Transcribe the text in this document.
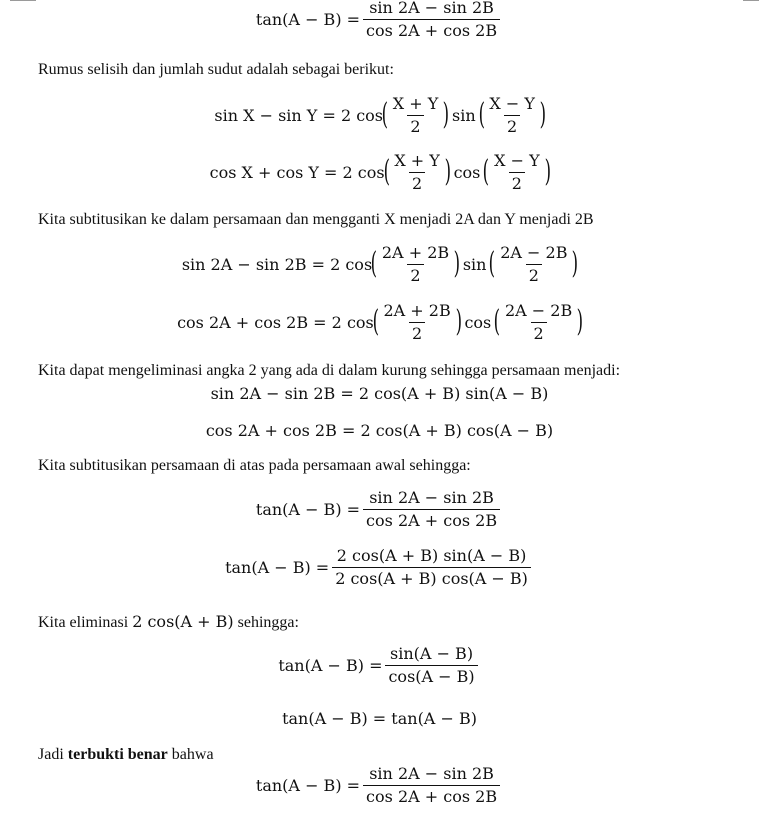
$\tan(A - B) = \frac{\sin 2A - \sin 2B}{\cos 2A + \cos 2B}$
Rumus selisih dan jumlah sudut adalah sebagai berikut:
sin X − sin Y = 2 cos
( $\frac{X + Y}{2}$ ) sin ( $\frac{X - Y}{2}$ )
cos X + cos Y = 2 cos
( $\frac{X + Y}{2}$ ) cos ( $\frac{X - Y}{2}$ )
Kita subtitusikan ke dalam persamaan dan mengganti X menjadi 2A dan Y menjadi 2B
sin 2A − sin 2B = 2 cos
( $\frac{2A + 2B}{2}$ ) sin ( $\frac{2A - 2B}{2}$ )
cos 2A + cos 2B = 2 cos
( $\frac{2A + 2B}{2}$ ) cos ( $\frac{2A - 2B}{2}$ )
Kita dapat mengeliminasi angka 2 yang ada di dalam kurung sehingga persamaan menjadi:
sin 2A − sin 2B = 2 cos(A + B) sin(A − B)
cos 2A + cos 2B = 2 cos(A + B) cos(A − B)
Kita subtitusikan persamaan di atas pada persamaan awal sehingga:
$\tan(A - B) = \frac{\sin 2A - \sin 2B}{\cos 2A + \cos 2B}$
$\tan(A - B) = \frac{2 \cos(A + B) \sin(A - B)}{2 \cos(A + B) \cos(A - B)}$
Kita eliminasi 2 cos(A + B) sehingga:
$\tan(A - B) = \frac{\sin(A - B)}{\cos(A - B)}$
tan(A − B) = tan(A − B)
Jadi terbukti benar bahwa
$\tan(A - B) = \frac{\sin 2A - \sin 2B}{\cos 2A + \cos 2B}$
